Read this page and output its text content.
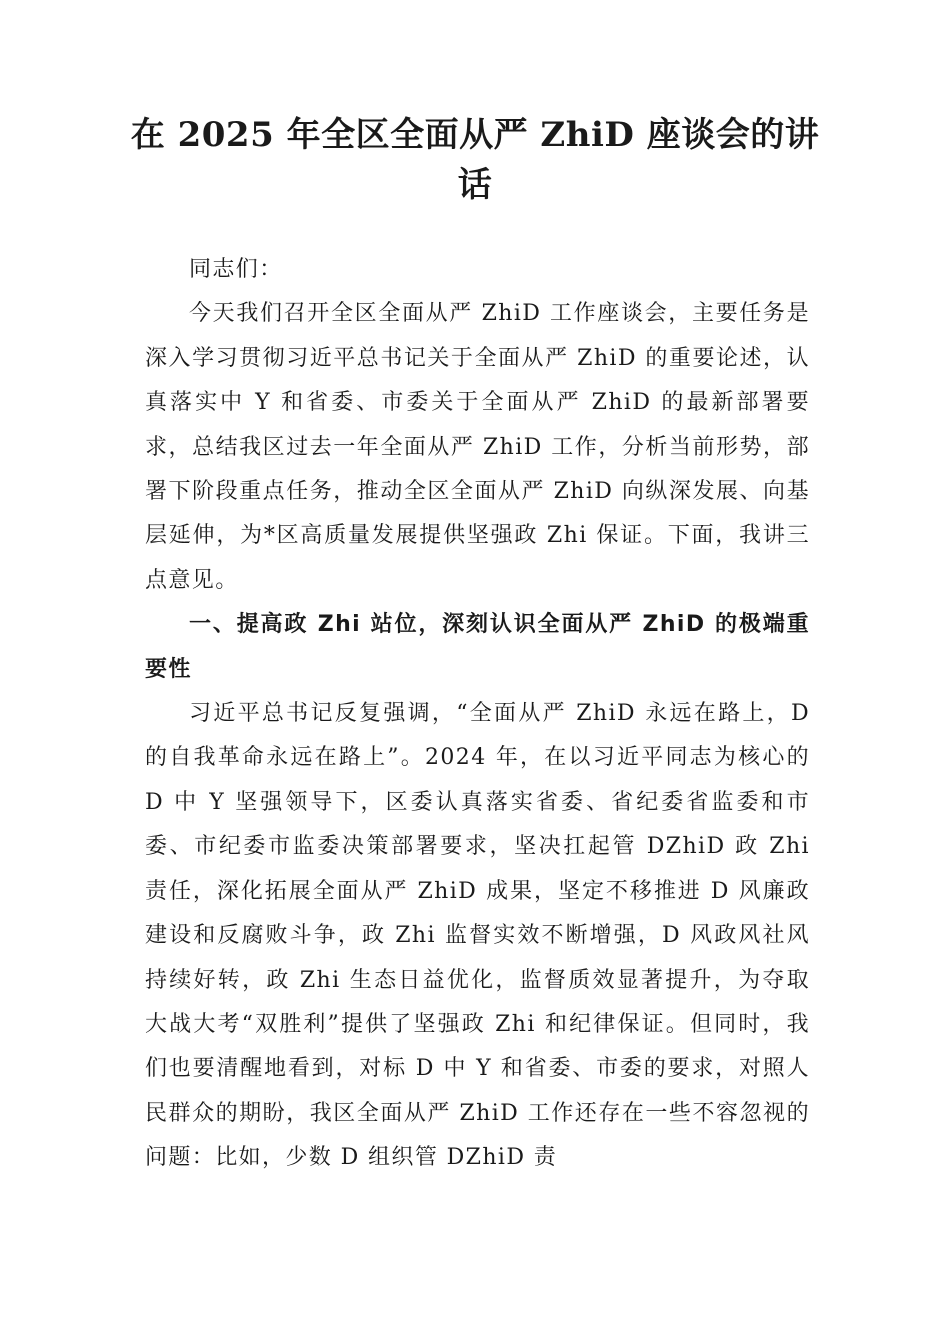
在 2025 年全区全面从严 ZhiD 座谈会的讲话

同志们：

今天我们召开全区全面从严 ZhiD 工作座谈会，主要任务是深入学习贯彻习近平总书记关于全面从严 ZhiD 的重要论述，认真落实中 Y 和省委、市委关于全面从严 ZhiD 的最新部署要求，总结我区过去一年全面从严 ZhiD 工作，分析当前形势，部署下阶段重点任务，推动全区全面从严 ZhiD 向纵深发展、向基层延伸，为*区高质量发展提供坚强政 Zhi 保证。下面，我讲三点意见。

一、提高政 Zhi 站位，深刻认识全面从严 ZhiD 的极端重要性

习近平总书记反复强调，“全面从严 ZhiD 永远在路上，D 的自我革命永远在路上”。2024 年，在以习近平同志为核心的 D 中 Y 坚强领导下，区委认真落实省委、省纪委省监委和市委、市纪委市监委决策部署要求，坚决扛起管 DZhiD 政 Zhi 责任，深化拓展全面从严 ZhiD 成果，坚定不移推进 D 风廉政建设和反腐败斗争，政 Zhi 监督实效不断增强，D 风政风社风持续好转，政 Zhi 生态日益优化，监督质效显著提升，为夺取大战大考“双胜利”提供了坚强政 Zhi 和纪律保证。但同时，我们也要清醒地看到，对标 D 中 Y 和省委、市委的要求，对照人民群众的期盼，我区全面从严 ZhiD 工作还存在一些不容忽视的问题：比如，少数 D 组织管 DZhiD 责
